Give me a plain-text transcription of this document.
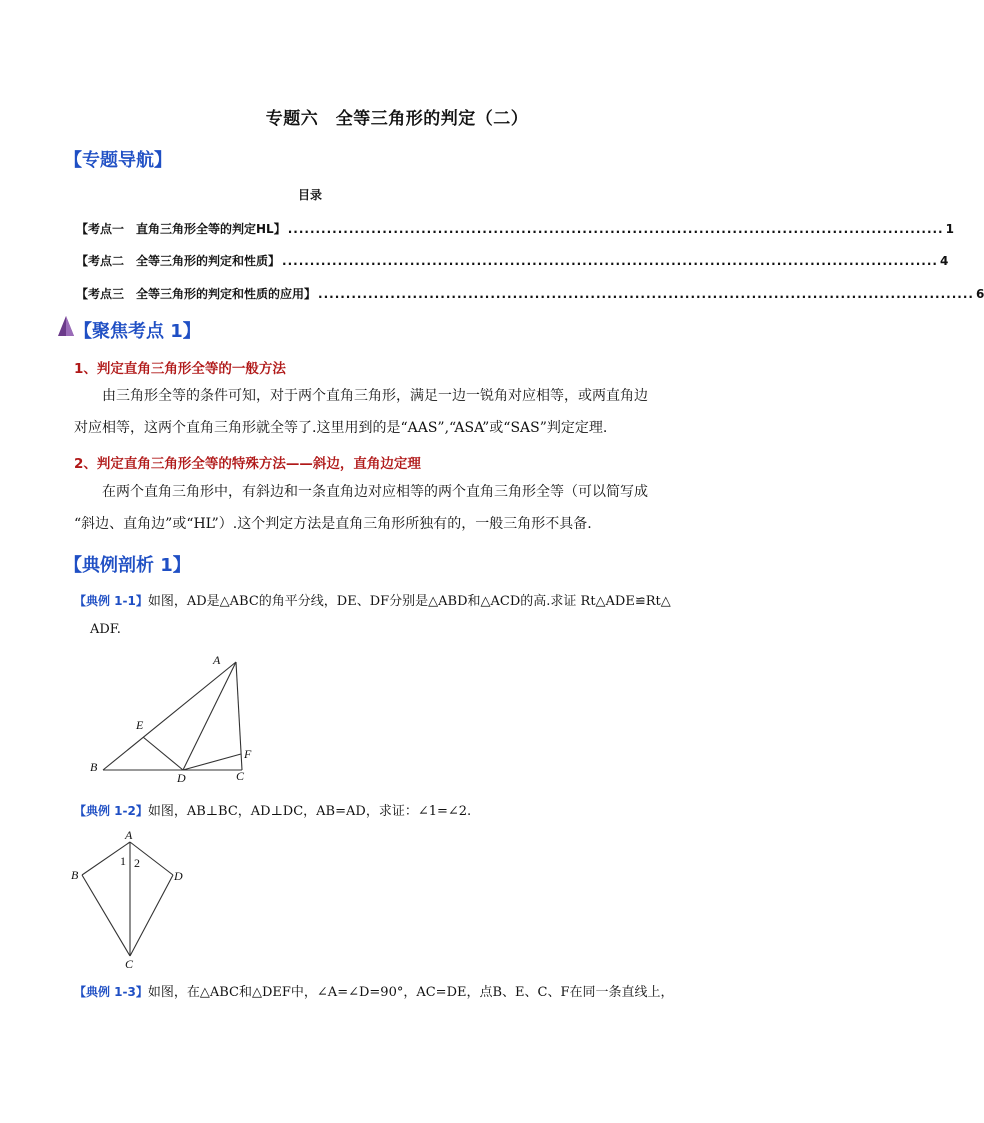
专题六　全等三角形的判定（二）
【专题导航】
目录
【考点一　直角三角形全等的判定HL】 ...................................................................................................................... 1
【考点二　全等三角形的判定和性质】 ...................................................................................................................... 4
【考点三　全等三角形的判定和性质的应用】 ...................................................................................................................... 6
【聚焦考点 1】
1、判定直角三角形全等的一般方法
由三角形全等的条件可知，对于两个直角三角形，满足一边一锐角对应相等，或两直角边
对应相等，这两个直角三角形就全等了.这里用到的是“AAS”,“ASA”或“SAS”判定定理.
2、判定直角三角形全等的特殊方法——斜边，直角边定理
在两个直角三角形中，有斜边和一条直角边对应相等的两个直角三角形全等（可以简写成
“斜边、直角边”或“HL”）.这个判定方法是直角三角形所独有的，一般三角形不具备.
【典例剖析 1】
【典例 1-1】如图，AD是△ABC的角平分线，DE、DF分别是△ABD和△ACD的高.求证 Rt△ADE≌Rt△
ADF.
A
B
C
D
E
F
【典例 1-2】如图，AB⊥BC，AD⊥DC，AB=AD，求证：∠1=∠2.
A
B	D
C
1 2
【典例 1-3】如图，在△ABC和△DEF中，∠A=∠D=90°，AC=DE，点B、E、C、F在同一条直线上，
